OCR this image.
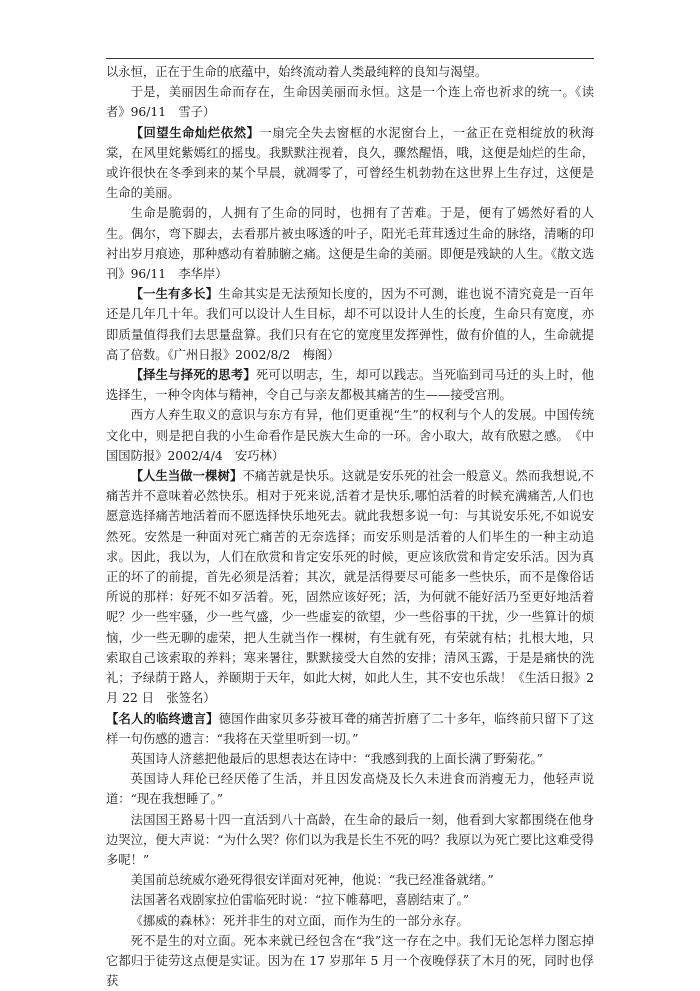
以永恒，正在于生命的底蕴中，始终流动着人类最纯粹的良知与渴望。

于是，美丽因生命而存在，生命因美丽而永恒。这是一个连上帝也祈求的统一。《读者》96/11　雪子）

【回望生命灿烂依然】一扇完全失去窗框的水泥窗台上，一盆正在竞相绽放的秋海棠，在风里姹紫嫣红的摇曳。我默默注视着，良久，骤然醒悟，哦，这便是灿烂的生命，或许很快在冬季到来的某个早晨，就凋零了，可曾经生机勃勃在这世界上生存过，这便是生命的美丽。

生命是脆弱的，人拥有了生命的同时，也拥有了苦难。于是，便有了嫣然好看的人生。偶尔，弯下脚去，去看那片被虫啄透的叶子，阳光毛茸茸透过生命的脉络，清晰的印衬出岁月痕迹，那种感动有着肺腑之痛。这便是生命的美丽。即便是残缺的人生。《散文选刊》96/11　李华岸）

【一生有多长】生命其实是无法预知长度的，因为不可测，谁也说不清究竟是一百年还是几年几十年。我们可以设计人生目标，却不可以设计人生的长度，生命只有宽度，亦即质量值得我们去思量盘算。我们只有在它的宽度里发挥弹性，做有价值的人，生命就提高了倍数。《广州日报》2002/8/2　梅阁）

【择生与择死的思考】死可以明志，生，却可以践志。当死临到司马迁的头上时，他选择生，一种令肉体与精神，令自己与亲友都极其痛苦的生——接受宫刑。

西方人弃生取义的意识与东方有异，他们更重视“生”的权利与个人的发展。中国传统文化中，则是把自我的小生命看作是民族大生命的一环。舍小取大，故有欣慰之感。　《中国国防报》2002/4/4　安巧林）

【人生当做一棵树】不痛苦就是快乐。这就是安乐死的社会一般意义。然而我想说,不痛苦并不意味着必然快乐。相对于死来说,活着才是快乐,哪怕活着的时候充满痛苦,人们也愿意选择痛苦地活着而不愿选择快乐地死去。就此我想多说一句：与其说安乐死,不如说安然死。安然是一种面对死亡痛苦的无奈选择；而安乐则是活着的人们毕生的一种主动追求。因此，我以为，人们在欣赏和肯定安乐死的时候，更应该欣赏和肯定安乐活。因为真正的坏了的前提，首先必须是活着；其次，就是活得要尽可能多一些快乐，而不是像俗话所说的那样：好死不如歹活着。死，固然应该好死；活，为何就不能好活乃至更好地活着呢？少一些牢骚，少一些气盛，少一些虚妄的欲望，少一些俗事的干扰，少一些算计的烦恼，少一些无聊的虚荣，把人生就当作一棵树，有生就有死，有荣就有枯；扎根大地，只索取自己该索取的养料；寒来暑往，默默接受大自然的安排；清风玉露，于是是痛快的洗礼；予绿荫于路人，养颐期于天年，如此大树，如此人生，其不安也乐哉！《生活日报》2 月 22 日　张签名）

【名人的临终遗言】德国作曲家贝多芬被耳聋的痛苦折磨了二十多年，临终前只留下了这样一句伤感的遗言：“我将在天堂里听到一切。”

英国诗人济慈把他最后的思想表达在诗中：“我感到我的上面长满了野菊花。”

英国诗人拜伦已经厌倦了生活，并且因发高烧及长久未进食而消瘦无力，他轻声说道：“现在我想睡了。”

法国国王路易十四一直活到八十高龄，在生命的最后一刻，他看到大家都围绕在他身边哭泣，便大声说：“为什么哭？你们以为我是长生不死的吗？我原以为死亡要比这难受得多呢！”

美国前总统威尔逊死得很安详面对死神，他说：“我已经准备就绪。”

法国著名戏剧家拉伯雷临死时说：“拉下帷幕吧，喜剧结束了。”

《挪威的森林》：死并非生的对立面，而作为生的一部分永存。

死不是生的对立面。死本来就已经包含在“我”这一存在之中。我们无论怎样力图忘掉它都归于徒劳这点便是实证。因为在 17 岁那年 5 月一个夜晚俘获了木月的死，同时也俘获
